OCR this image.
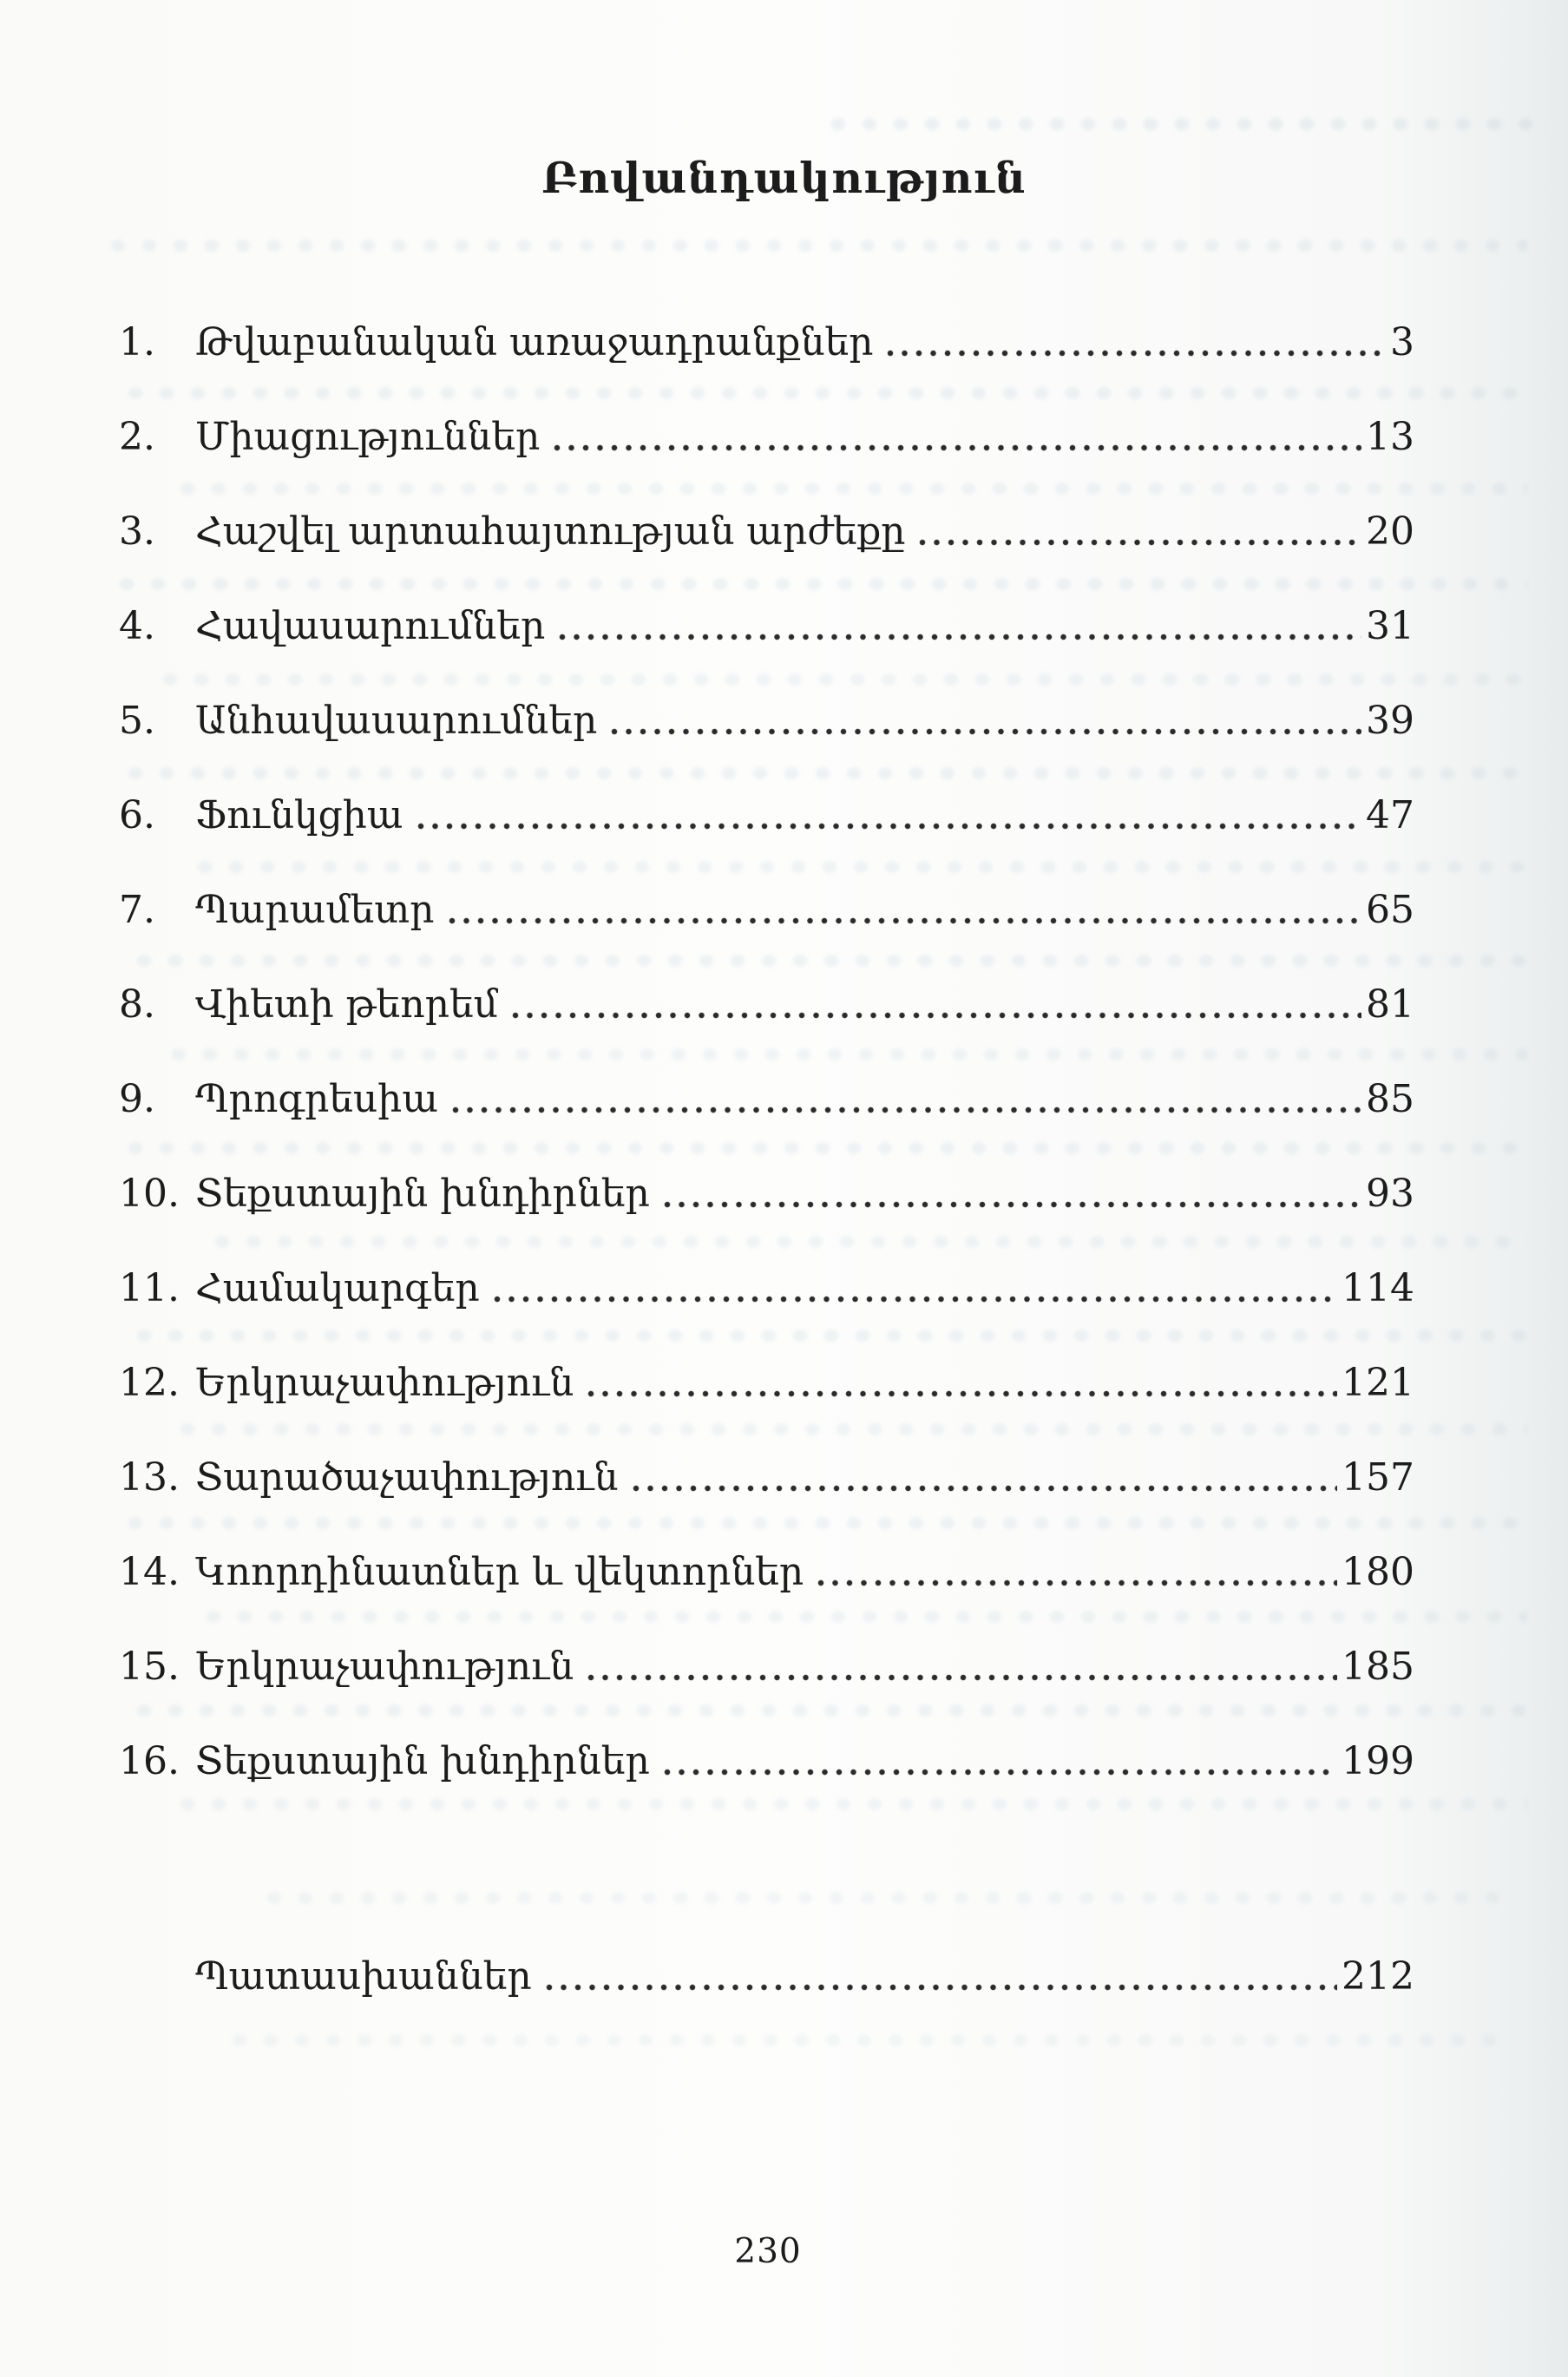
Բովանդակություն
1.	Թվաբանական առաջադրանքներ	3
2.	Միացություններ	13
3.	Հաշվել արտահայտության արժեքը	20
4.	Հավասարումներ	31
5.	Անհավասարումներ	39
6.	Ֆունկցիա	47
7.	Պարամետր	65
8.	Վիետի թեորեմ	81
9.	Պրոգրեսիա	85
10. Տեքստային խնդիրներ	93
11. Համակարգեր	114
12. Երկրաչափություն	121
13. Տարածաչափություն	157
14. Կոորդինատներ և վեկտորներ	180
15. Երկրաչափություն	185
16. Տեքստային խնդիրներ	199
Պատասխաններ	212
230
